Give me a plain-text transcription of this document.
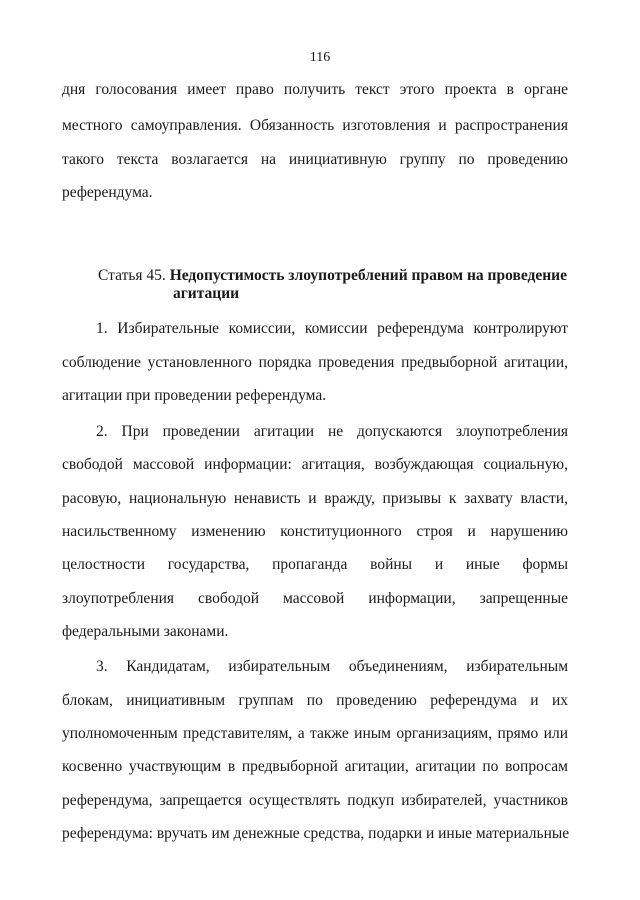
116
дня голосования имеет право получить текст этого проекта в органе
местного самоуправления. Обязанность изготовления и распространения
такого текста возлагается на инициативную группу по проведению
референдума.
Статья 45. Недопустимость злоупотреблений правом на проведение
агитации
1. Избирательные комиссии, комиссии референдума контролируют
соблюдение установленного порядка проведения предвыборной агитации,
агитации при проведении референдума.
2. При проведении агитации не допускаются злоупотребления
свободой массовой информации: агитация, возбуждающая социальную,
расовую, национальную ненависть и вражду, призывы к захвату власти,
насильственному изменению конституционного строя и нарушению
целостности государства, пропаганда войны и иные формы
злоупотребления свободой массовой информации, запрещенные
федеральными законами.
3. Кандидатам, избирательным объединениям, избирательным
блокам, инициативным группам по проведению референдума и их
уполномоченным представителям, а также иным организациям, прямо или
косвенно участвующим в предвыборной агитации, агитации по вопросам
референдума, запрещается осуществлять подкуп избирателей, участников
референдума: вручать им денежные средства, подарки и иные материальные
